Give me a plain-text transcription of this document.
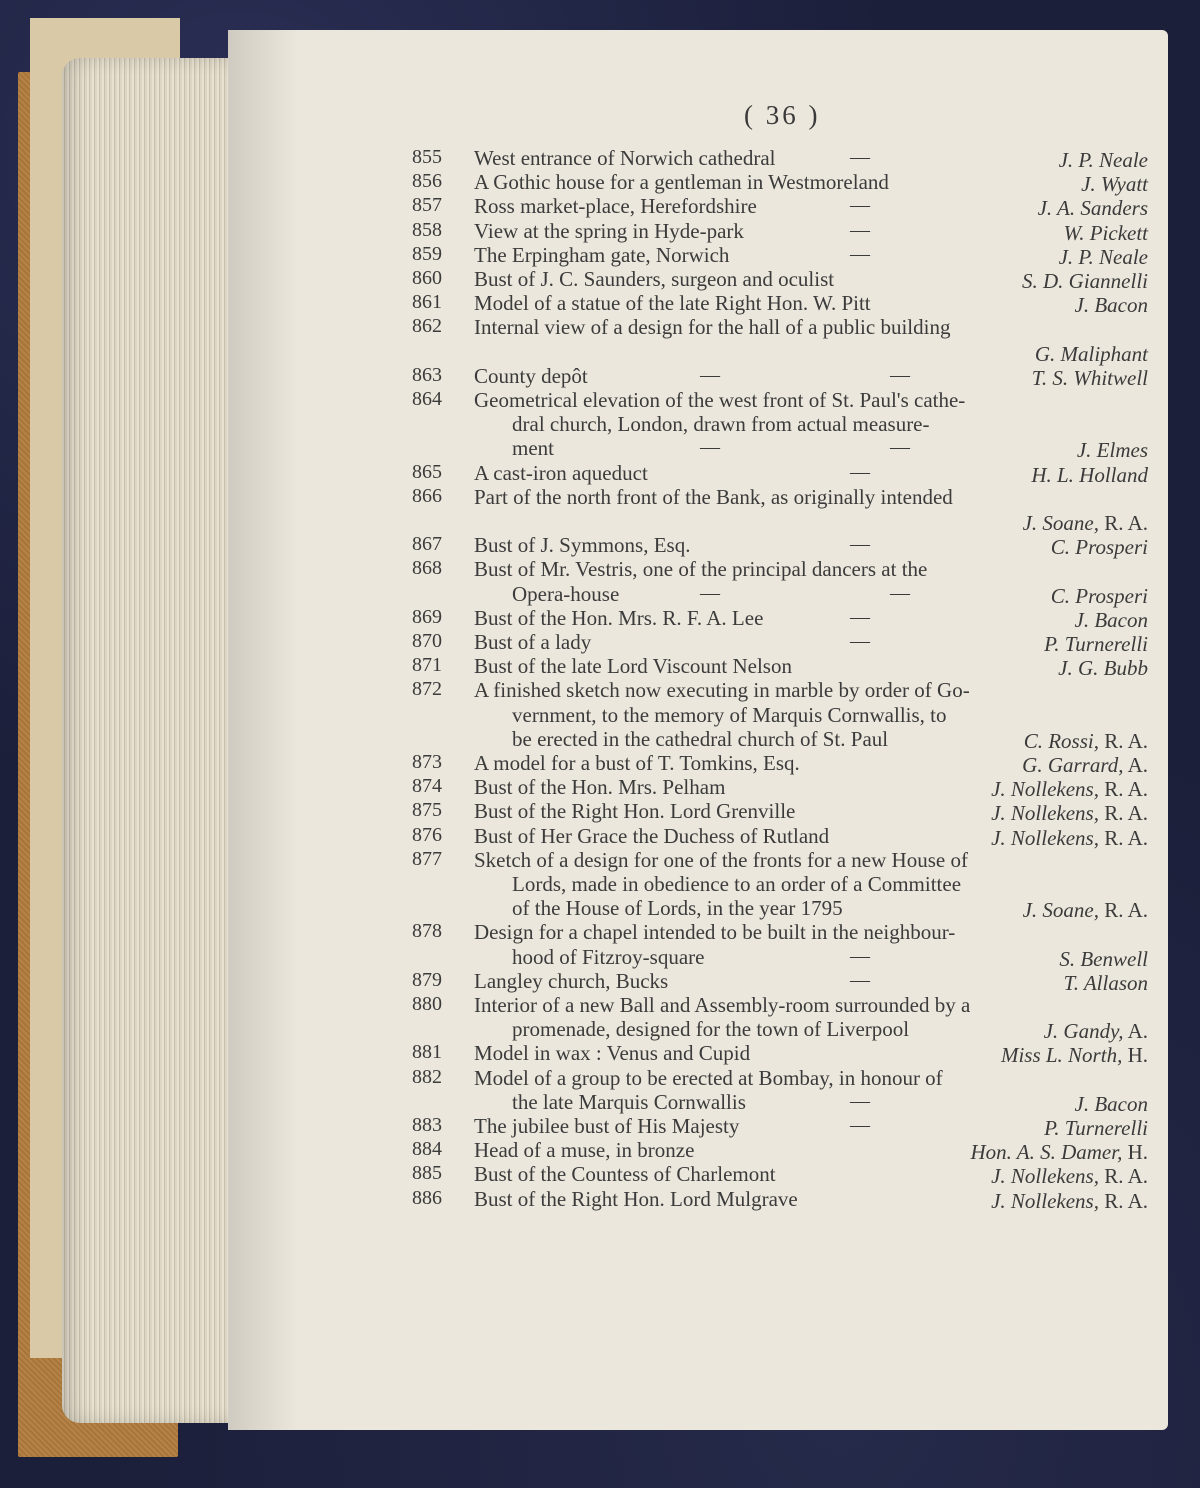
( 36 )
855 West entrance of Norwich cathedral	—	J. P. Neale
856 A Gothic house for a gentleman in Westmoreland	J. Wyatt
857 Ross market-place, Herefordshire	—	J. A. Sanders
858 View at the spring in Hyde-park	—	W. Pickett
859 The Erpingham gate, Norwich	—	J. P. Neale
860 Bust of J. C. Saunders, surgeon and oculist	S. D. Giannelli
861 Model of a statue of the late Right Hon. W. Pitt	J. Bacon
862 Internal view of a design for the hall of a public building
G. Maliphant
863 County depôt	—	—	T. S. Whitwell
864 Geometrical elevation of the west front of St. Paul's cathe-
dral church, London, drawn from actual measure-
ment	—	—	J. Elmes
865 A cast-iron aqueduct	—	H. L. Holland
866 Part of the north front of the Bank, as originally intended
J. Soane, R. A.
867 Bust of J. Symmons, Esq.	—	C. Prosperi
868 Bust of Mr. Vestris, one of the principal dancers at the
Opera-house	—	—	C. Prosperi
869 Bust of the Hon. Mrs. R. F. A. Lee	—	J. Bacon
870 Bust of a lady	—	P. Turnerelli
871 Bust of the late Lord Viscount Nelson	J. G. Bubb
872 A finished sketch now executing in marble by order of Go-
vernment, to the memory of Marquis Cornwallis, to
be erected in the cathedral church of St. Paul	C. Rossi, R. A.
873 A model for a bust of T. Tomkins, Esq.	G. Garrard, A.
874 Bust of the Hon. Mrs. Pelham	J. Nollekens, R. A.
875 Bust of the Right Hon. Lord Grenville	J. Nollekens, R. A.
876 Bust of Her Grace the Duchess of Rutland	J. Nollekens, R. A.
877 Sketch of a design for one of the fronts for a new House of
Lords, made in obedience to an order of a Committee
of the House of Lords, in the year 1795	J. Soane, R. A.
878 Design for a chapel intended to be built in the neighbour-
hood of Fitzroy-square	—	S. Benwell
879 Langley church, Bucks	—	T. Allason
880 Interior of a new Ball and Assembly-room surrounded by a
promenade, designed for the town of Liverpool	J. Gandy, A.
881 Model in wax : Venus and Cupid	Miss L. North, H.
882 Model of a group to be erected at Bombay, in honour of
the late Marquis Cornwallis	—	J. Bacon
883 The jubilee bust of His Majesty	—	P. Turnerelli
884 Head of a muse, in bronze	Hon. A. S. Damer, H.
885 Bust of the Countess of Charlemont	J. Nollekens, R. A.
886 Bust of the Right Hon. Lord Mulgrave	J. Nollekens, R. A.
